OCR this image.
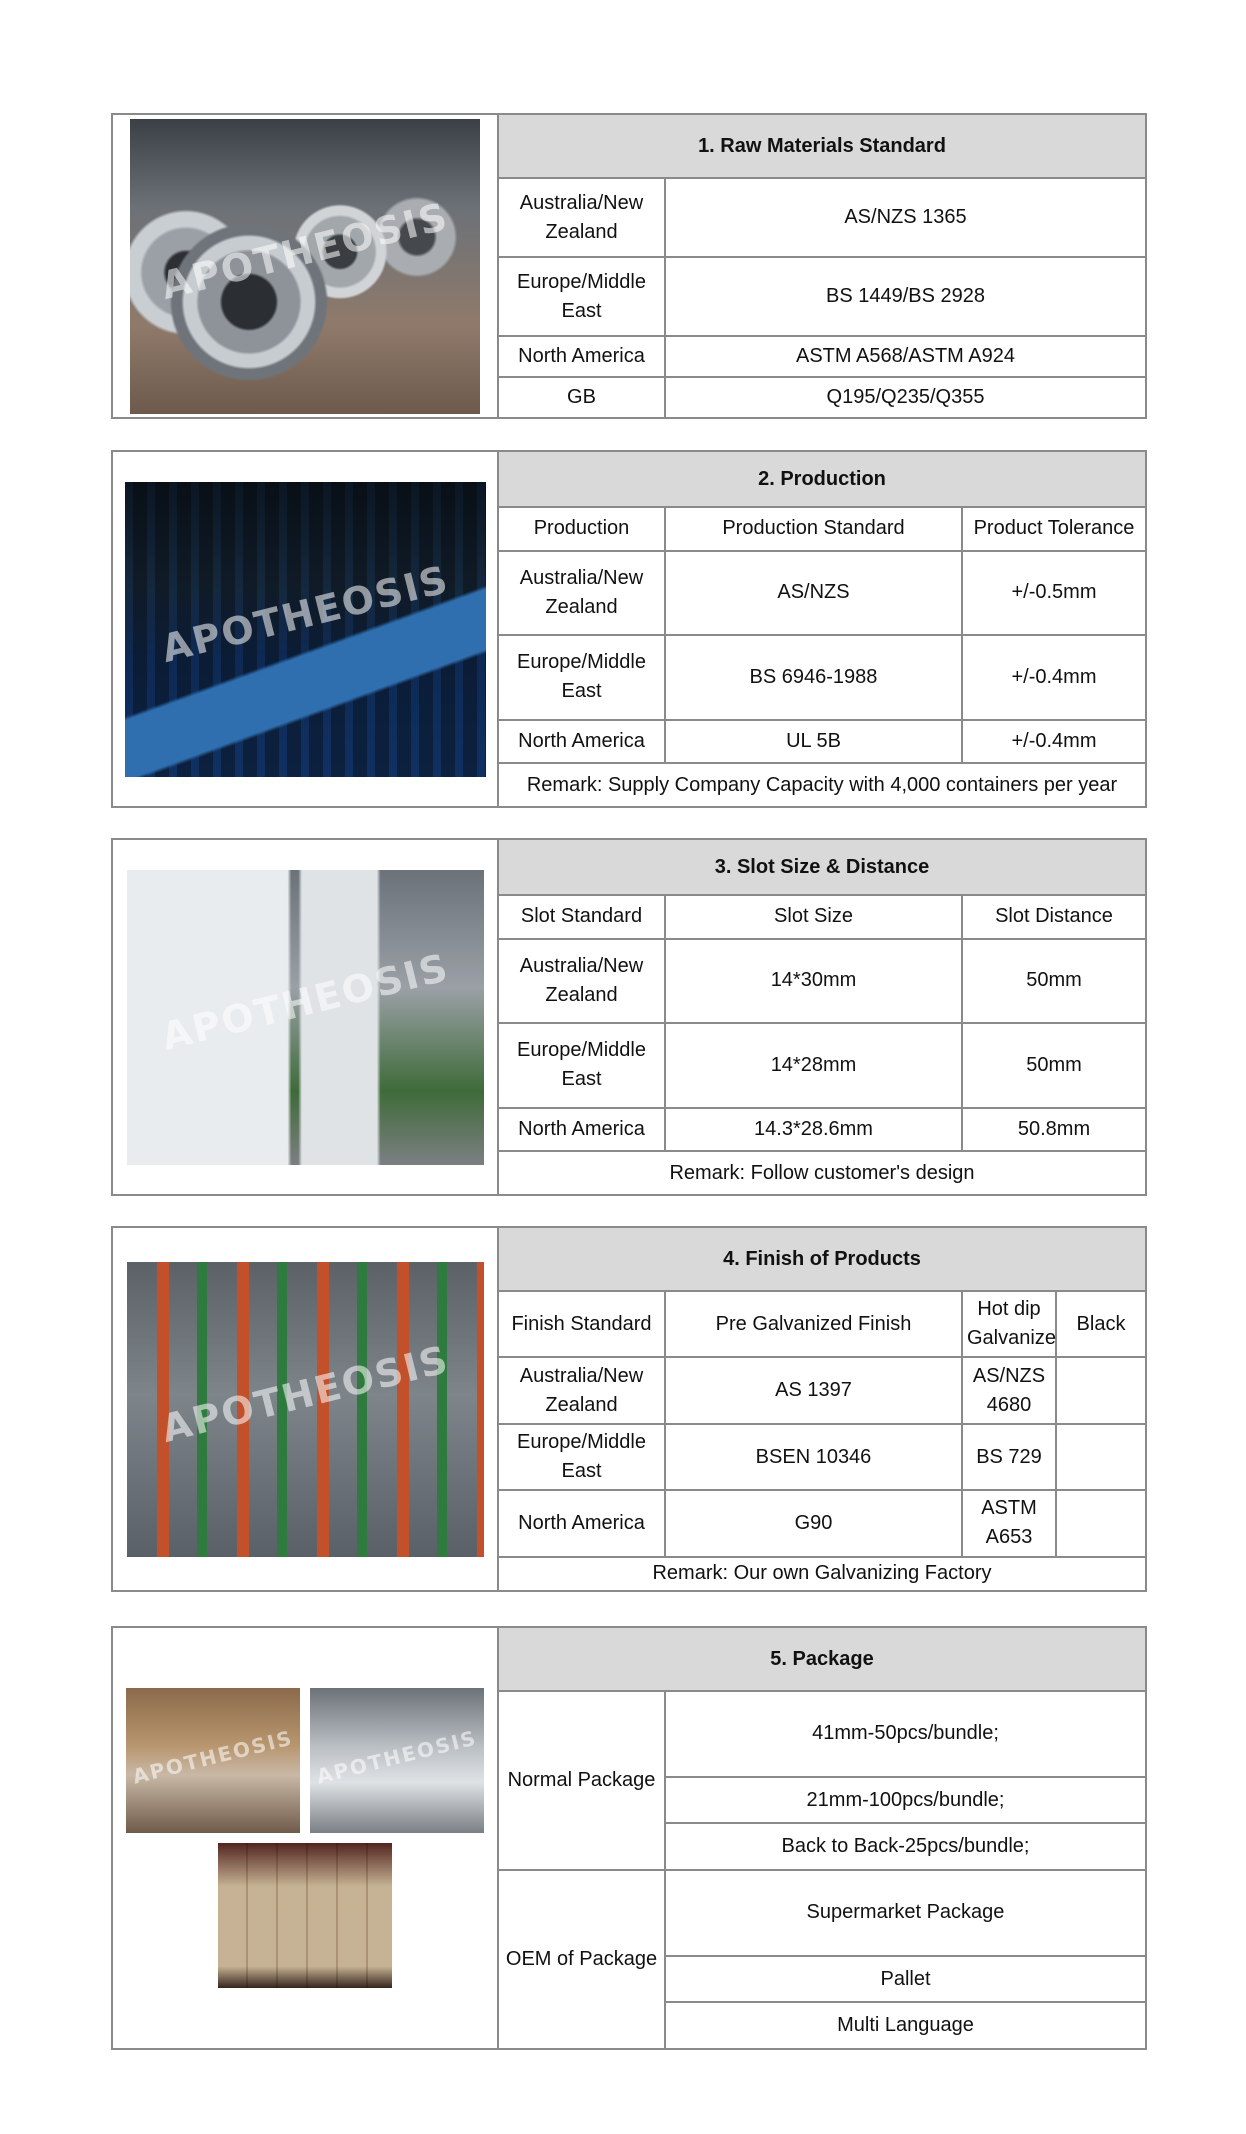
APOTHEOSIS	1. Raw Materials Standard	
	Australia/New Zealand	AS/NZS 1365
	Europe/Middle East	BS 1449/BS 2928
	North America	ASTM A568/ASTM A924
	GB	Q195/Q235/Q355
APOTHEOSIS	2. Production		
	Production	Production Standard	Product Tolerance
	Australia/New Zealand	AS/NZS	+/-0.5mm
	Europe/Middle East	BS 6946-1988	+/-0.4mm
	North America	UL 5B	+/-0.4mm
	Remark: Supply Company Capacity with 4,000 containers per year		
APOTHEOSIS	3. Slot Size & Distance		
	Slot Standard	Slot Size	Slot Distance
	Australia/New Zealand	14*30mm	50mm
	Europe/Middle East	14*28mm	50mm
	North America	14.3*28.6mm	50.8mm
	Remark: Follow customer's design		
APOTHEOSIS	4. Finish of Products			
	Finish Standard	Pre Galvanized Finish	Hot dip Galvanize	Black
	Australia/New Zealand	AS 1397	AS/NZS 4680	
	Europe/Middle East	BSEN 10346	BS 729	
	North America	G90	ASTM A653	
	Remark: Our own Galvanizing Factory			
APOTHEOSIS APOTHEOSIS	5. Package	
	Normal Package	41mm-50pcs/bundle;
		21mm-100pcs/bundle;
		Back to Back-25pcs/bundle;
	OEM of Package	Supermarket Package
		Pallet
		Multi Language
